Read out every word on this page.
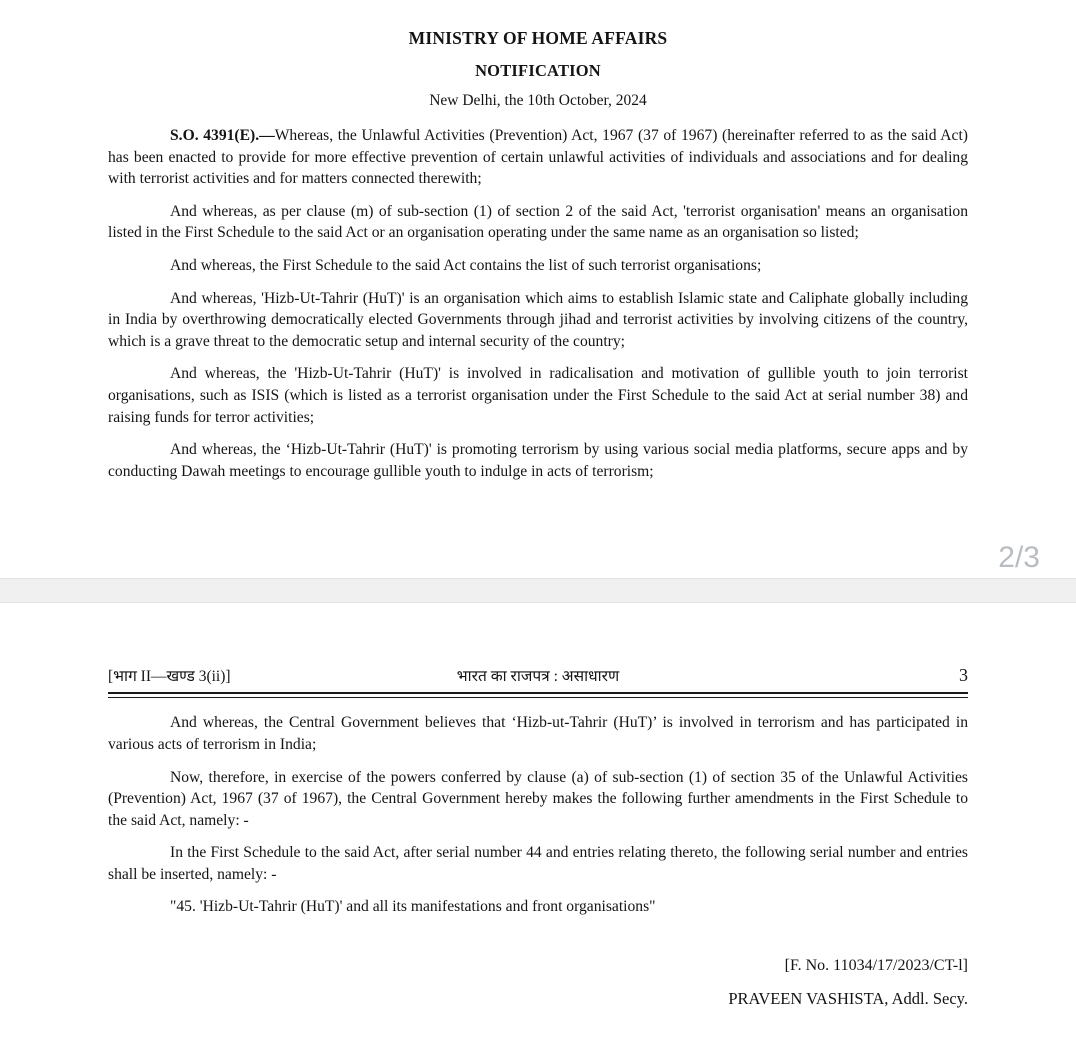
MINISTRY OF HOME AFFAIRS
NOTIFICATION
New Delhi, the 10th October, 2024

S.O. 4391(E).—Whereas, the Unlawful Activities (Prevention) Act, 1967 (37 of 1967) (hereinafter referred to as the said Act) has been enacted to provide for more effective prevention of certain unlawful activities of individuals and associations and for dealing with terrorist activities and for matters connected therewith;

And whereas, as per clause (m) of sub-section (1) of section 2 of the said Act, 'terrorist organisation' means an organisation listed in the First Schedule to the said Act or an organisation operating under the same name as an organisation so listed;

And whereas, the First Schedule to the said Act contains the list of such terrorist organisations;

And whereas, 'Hizb-Ut-Tahrir (HuT)' is an organisation which aims to establish Islamic state and Caliphate globally including in India by overthrowing democratically elected Governments through jihad and terrorist activities by involving citizens of the country, which is a grave threat to the democratic setup and internal security of the country;

And whereas, the 'Hizb-Ut-Tahrir (HuT)' is involved in radicalisation and motivation of gullible youth to join terrorist organisations, such as ISIS (which is listed as a terrorist organisation under the First Schedule to the said Act at serial number 38) and raising funds for terror activities;

And whereas, the ‘Hizb-Ut-Tahrir (HuT)' is promoting terrorism by using various social media platforms, secure apps and by conducting Dawah meetings to encourage gullible youth to indulge in acts of terrorism;

2/3
[भाग II—खण्ड 3(ii)]	भारत का राजपत्र : असाधारण	3

And whereas, the Central Government believes that ‘Hizb-ut-Tahrir (HuT)’ is involved in terrorism and has participated in various acts of terrorism in India;

Now, therefore, in exercise of the powers conferred by clause (a) of sub-section (1) of section 35 of the Unlawful Activities (Prevention) Act, 1967 (37 of 1967), the Central Government hereby makes the following further amendments in the First Schedule to the said Act, namely: -

In the First Schedule to the said Act, after serial number 44 and entries relating thereto, the following serial number and entries shall be inserted, namely: -

"45. 'Hizb-Ut-Tahrir (HuT)' and all its manifestations and front organisations"

[F. No. 11034/17/2023/CT-l]
PRAVEEN VASHISTA, Addl. Secy.
